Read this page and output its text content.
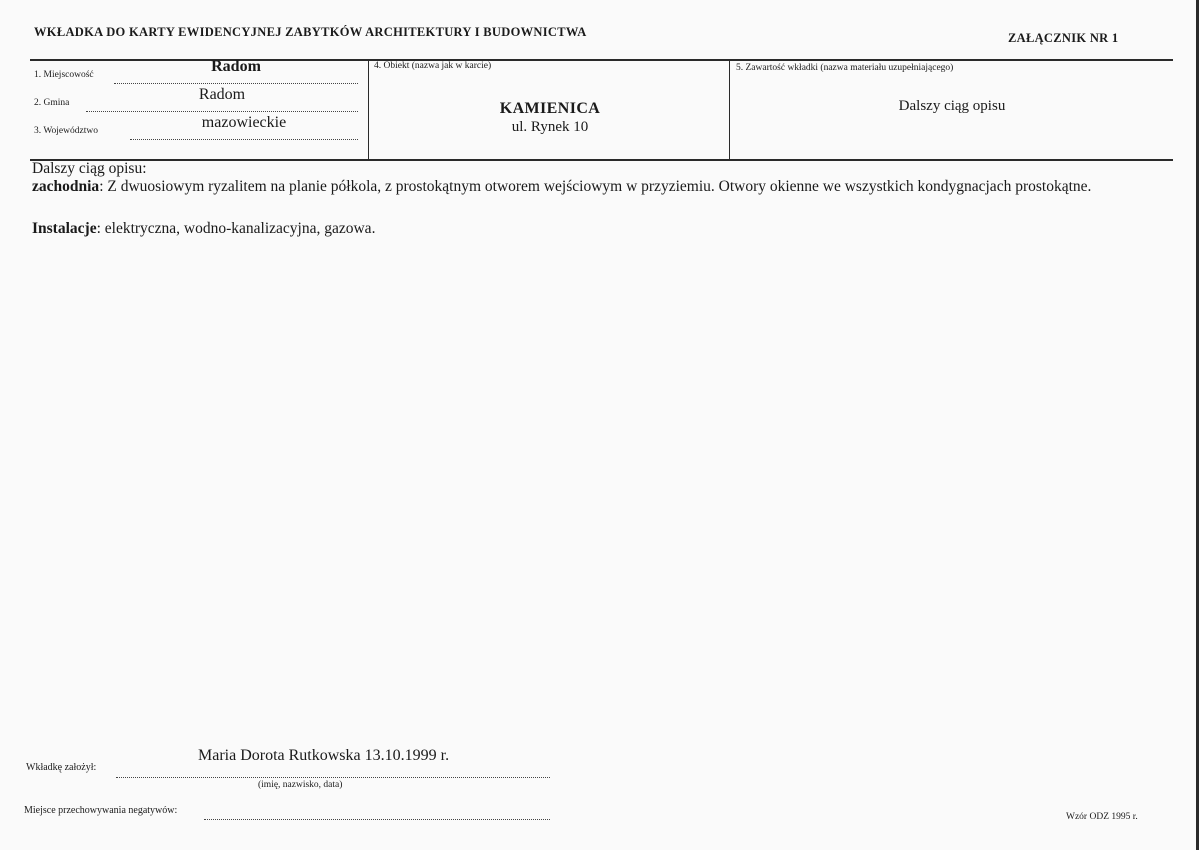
WKŁADKA DO KARTY EWIDENCYJNEJ ZABYTKÓW ARCHITEKTURY I BUDOWNICTWA	ZAŁĄCZNIK NR 1
1. Miejscowość	Radom
2. Gmina	Radom
3. Województwo	mazowieckie
4. Obiekt (nazwa jak w karcie)
KAMIENICA
ul. Rynek 10
5. Zawartość wkładki (nazwa materiału uzupełniającego)
Dalszy ciąg opisu

Dalszy ciąg opisu:

zachodnia: Z dwuosiowym ryzalitem na planie półkola, z prostokątnym otworem wejściowym w przyziemiu. Otwory okienne we wszystkich kondygnacjach prostokątne.

Instalacje: elektryczna, wodno-kanalizacyjna, gazowa.

Wkładkę założył:
Maria Dorota Rutkowska 13.10.1999 r.
(imię, nazwisko, data)
Miejsce przechowywania negatywów:
Wzór ODZ 1995 r.
